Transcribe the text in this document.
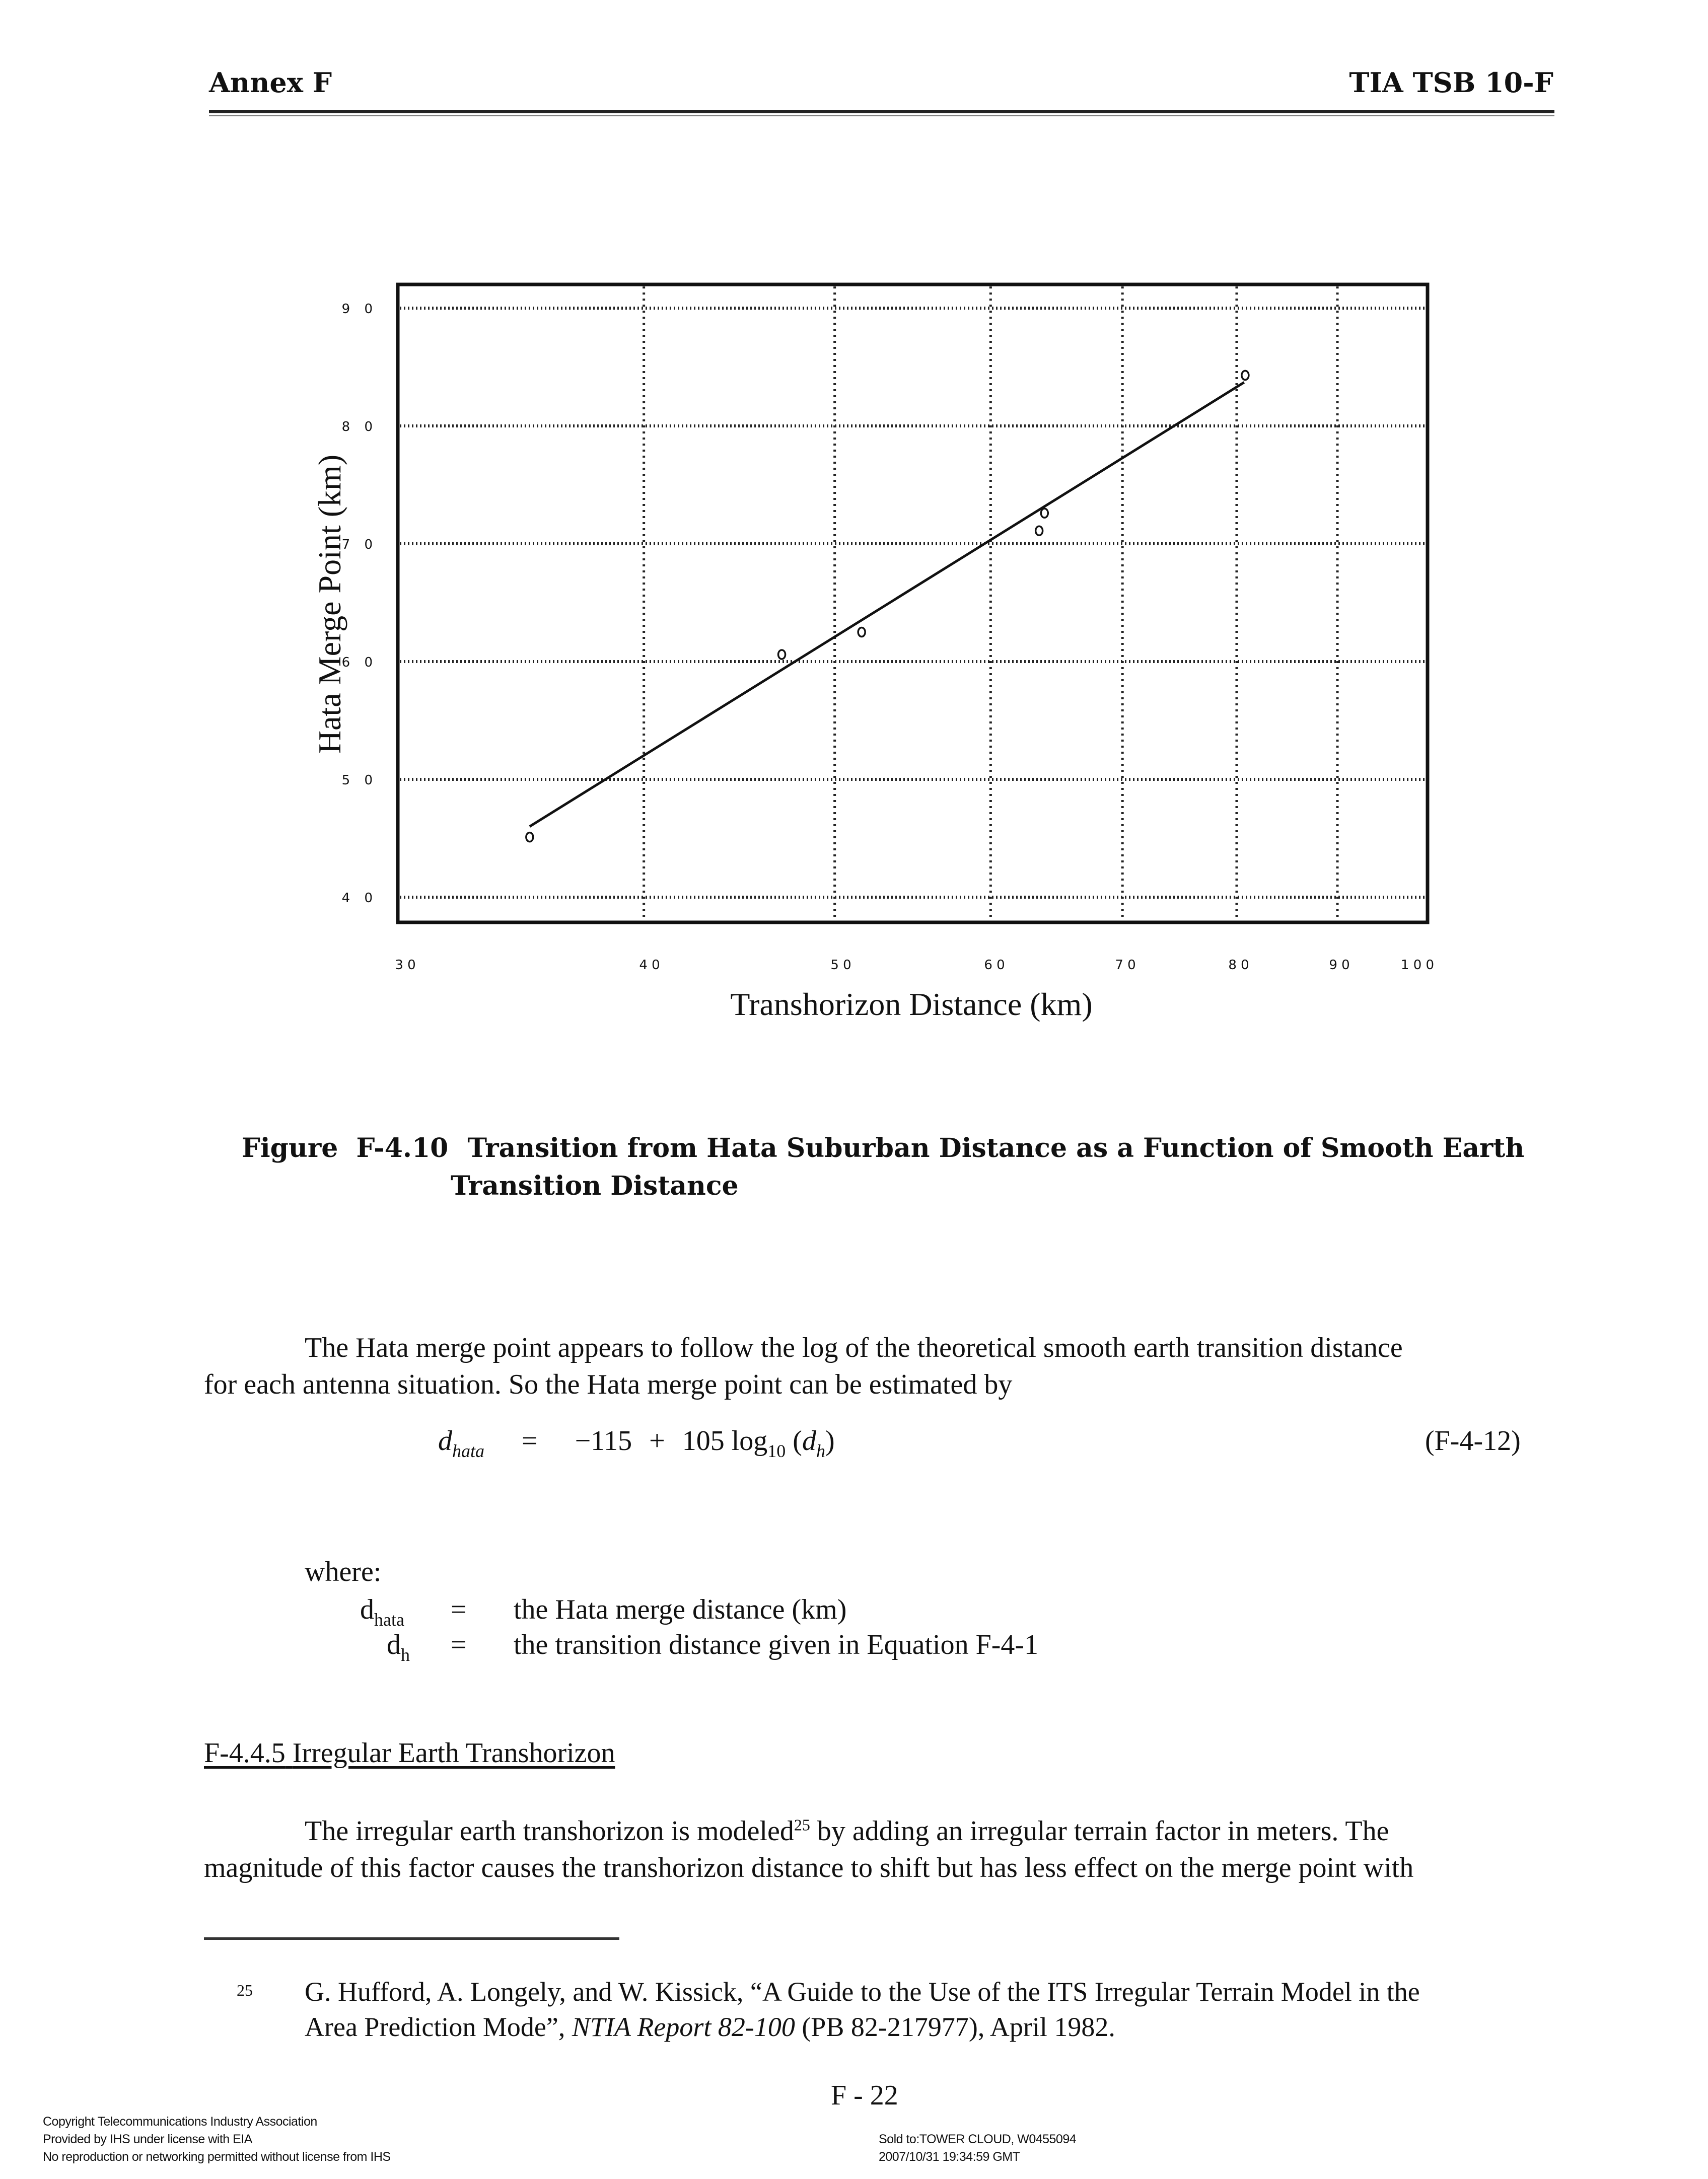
Annex F	TIA TSB 10-F
4 0
5 0
6 0
7 0
8 0
9 0
3 0	4 0	5 0	6 0	7 0	8 0	9 0	1 0 0
Hata Merge Point (km)
Transhorizon Distance (km)
Figure  F-4.10 Transition from Hata Suburban Distance as a Function of Smooth Earth
Transition Distance
The Hata merge point appears to follow the log of the theoretical smooth earth transition distance
for each antenna situation. So the Hata merge point can be estimated by
$d_{hata} = -115 + 105$ $\log_{10} (d_h)$	(F-4-12)
where:
$d_{hata}$ = the Hata merge distance (km)
$d_h$ = the transition distance given in Equation F-4-1
F-4.4.5 Irregular Earth Transhorizon
The irregular earth transhorizon is modeled$^{25}$ by adding an irregular terrain factor in meters. The
magnitude of this factor causes the transhorizon distance to shift but has less effect on the merge point with
25 G. Hufford, A. Longely, and W. Kissick, “A Guide to the Use of the ITS Irregular Terrain Model in the
Area Prediction Mode”, NTIA Report 82-100 (PB 82-217977), April 1982.
F - 22
Copyright Telecommunications Industry Association
Provided by IHS under license with EIA
No reproduction or networking permitted without license from IHS
Sold to:TOWER CLOUD, W0455094
2007/10/31 19:34:59 GMT
